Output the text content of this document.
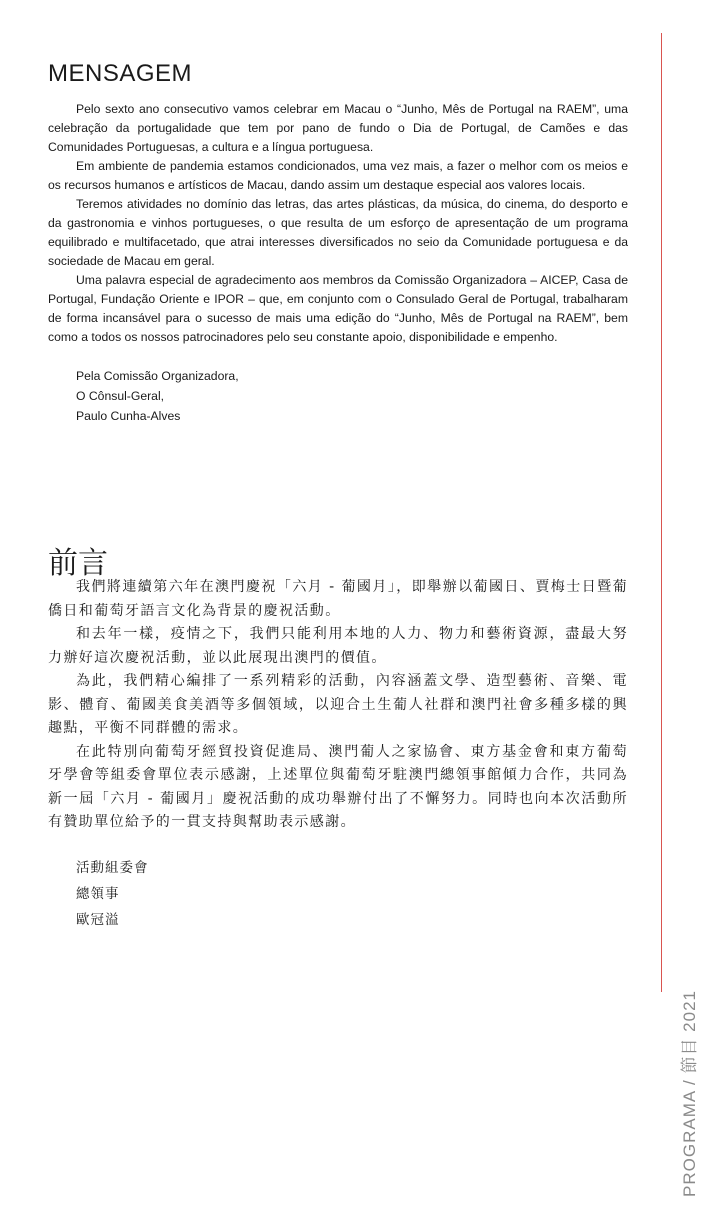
MENSAGEM

Pelo sexto ano consecutivo vamos celebrar em Macau o “Junho, Mês de Portugal na RAEM”, uma celebração da portugalidade que tem por pano de fundo o Dia de Portugal, de Camões e das Comunidades Portuguesas, a cultura e a língua portuguesa.

Em ambiente de pandemia estamos condicionados, uma vez mais, a fazer o melhor com os meios e os recursos humanos e artísticos de Macau, dando assim um destaque especial aos valores locais.

Teremos atividades no domínio das letras, das artes plásticas, da música, do cinema, do desporto e da gastronomia e vinhos portugueses, o que resulta de um esforço de apresentação de um programa equilibrado e multifacetado, que atrai interesses diversificados no seio da Comunidade portuguesa e da sociedade de Macau em geral.

Uma palavra especial de agradecimento aos membros da Comissão Organizadora – AICEP, Casa de Portugal, Fundação Oriente e IPOR – que, em conjunto com o Consulado Geral de Portugal, trabalharam de forma incansável para o sucesso de mais uma edição do “Junho, Mês de Portugal na RAEM”, bem como a todos os nossos patrocinadores pelo seu constante apoio, disponibilidade e empenho.

Pela Comissão Organizadora,
O Cônsul-Geral,
Paulo Cunha-Alves
前言

我們將連續第六年在澳門慶祝「六月 - 葡國月」，即舉辦以葡國日、賈梅士日暨葡僑日和葡萄牙語言文化為背景的慶祝活動。

和去年一樣，疫情之下，我們只能利用本地的人力、物力和藝術資源，盡最大努力辦好這次慶祝活動，並以此展現出澳門的價值。

為此，我們精心編排了一系列精彩的活動，內容涵蓋文學、造型藝術、音樂、電影、體育、葡國美食美酒等多個領域，以迎合土生葡人社群和澳門社會多種多樣的興趣點，平衡不同群體的需求。

在此特別向葡萄牙經貿投資促進局、澳門葡人之家協會、東方基金會和東方葡萄牙學會等組委會單位表示感謝，上述單位與葡萄牙駐澳門總領事館傾力合作，共同為新一屆「六月 - 葡國月」慶祝活動的成功舉辦付出了不懈努力。同時也向本次活動所有贊助單位給予的一貫支持與幫助表示感謝。

活動組委會
總領事
歐冠溢
PROGRAMA / 節目 2021
